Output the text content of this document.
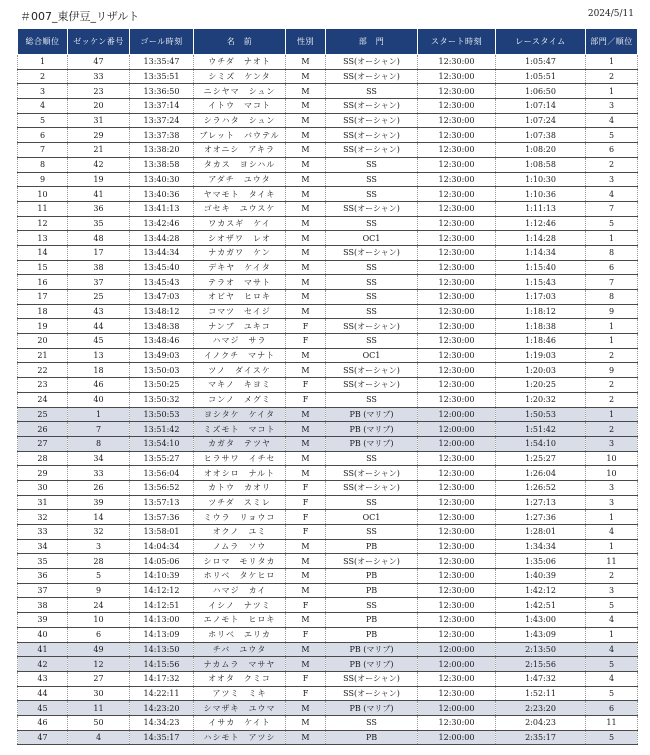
＃007_東伊豆_リザルト	2024/5/11
総合順位	ゼッケン番号	ゴール時刻	名　前	性別	部　門	スタート時刻	レースタイム	部門／順位
1	47	13:35:47	ウチダ　ナオト	M	SS(オーシャン)	12:30:00	1:05:47	1
2	33	13:35:51	シミズ　ケンタ	M	SS(オーシャン)	12:30:00	1:05:51	2
3	23	13:36:50	ニシヤマ　シュン	M	SS	12:30:00	1:06:50	1
4	20	13:37:14	イトウ　マコト	M	SS(オーシャン)	12:30:00	1:07:14	3
5	31	13:37:24	シラハタ　シュン	M	SS(オーシャン)	12:30:00	1:07:24	4
6	29	13:37:38	ブレット　バウテル	M	SS(オーシャン)	12:30:00	1:07:38	5
7	21	13:38:20	オオニシ　アキラ	M	SS(オーシャン)	12:30:00	1:08:20	6
8	42	13:38:58	タカス　ヨシハル	M	SS	12:30:00	1:08:58	2
9	19	13:40:30	アダチ　ユウタ	M	SS	12:30:00	1:10:30	3
10	41	13:40:36	ヤマモト　タイキ	M	SS	12:30:00	1:10:36	4
11	36	13:41:13	ゴセキ　ユウスケ	M	SS(オーシャン)	12:30:00	1:11:13	7
12	35	13:42:46	ワカスギ　ケイ	M	SS	12:30:00	1:12:46	5
13	48	13:44:28	シオザワ　レオ	M	OC1	12:30:00	1:14:28	1
14	17	13:44:34	ナカガワ　ケン	M	SS(オーシャン)	12:30:00	1:14:34	8
15	38	13:45:40	デキヤ　ケイタ	M	SS	12:30:00	1:15:40	6
16	37	13:45:43	テラオ　マサト	M	SS	12:30:00	1:15:43	7
17	25	13:47:03	オビヤ　ヒロキ	M	SS	12:30:00	1:17:03	8
18	43	13:48:12	コマツ　セイジ	M	SS	12:30:00	1:18:12	9
19	44	13:48:38	ナンブ　ユキコ	F	SS(オーシャン)	12:30:00	1:18:38	1
20	45	13:48:46	ハマジ　サラ	F	SS	12:30:00	1:18:46	1
21	13	13:49:03	イノクチ　マナト	M	OC1	12:30:00	1:19:03	2
22	18	13:50:03	ツノ　ダイスケ	M	SS(オーシャン)	12:30:00	1:20:03	9
23	46	13:50:25	マキノ　キヨミ	F	SS(オーシャン)	12:30:00	1:20:25	2
24	40	13:50:32	コンノ　メグミ	F	SS	12:30:00	1:20:32	2
25	1	13:50:53	ヨシタケ　ケイタ	M	PB (マリブ)	12:00:00	1:50:53	1
26	7	13:51:42	ミズモト　マコト	M	PB (マリブ)	12:00:00	1:51:42	2
27	8	13:54:10	カガタ　テツヤ	M	PB (マリブ)	12:00:00	1:54:10	3
28	34	13:55:27	ヒラサワ　イチセ	M	SS	12:30:00	1:25:27	10
29	33	13:56:04	オオシロ　ナルト	M	SS(オーシャン)	12:30:00	1:26:04	10
30	26	13:56:52	カトウ　カオリ	F	SS(オーシャン)	12:30:00	1:26:52	3
31	39	13:57:13	ツチダ　スミレ	F	SS	12:30:00	1:27:13	3
32	14	13:57:36	ミウラ　リョウコ	F	OC1	12:30:00	1:27:36	1
33	32	13:58:01	オクノ　ユミ	F	SS	12:30:00	1:28:01	4
34	3	14:04:34	ノムラ　ソウ	M	PB	12:30:00	1:34:34	1
35	28	14:05:06	シロマ　モリタカ	M	SS(オーシャン)	12:30:00	1:35:06	11
36	5	14:10:39	ホリベ　タケヒロ	M	PB	12:30:00	1:40:39	2
37	9	14:12:12	ハマジ　カイ	M	PB	12:30:00	1:42:12	3
38	24	14:12:51	イシノ　ナツミ	F	SS	12:30:00	1:42:51	5
39	10	14:13:00	エノモト　ヒロキ	M	PB	12:30:00	1:43:00	4
40	6	14:13:09	ホリベ　エリカ	F	PB	12:30:00	1:43:09	1
41	49	14:13:50	チバ　ユウタ	M	PB (マリブ)	12:00:00	2:13:50	4
42	12	14:15:56	ナカムラ　マサヤ	M	PB (マリブ)	12:00:00	2:15:56	5
43	27	14:17:32	オオタ　クミコ	F	SS(オーシャン)	12:30:00	1:47:32	4
44	30	14:22:11	アツミ　ミキ	F	SS(オーシャン)	12:30:00	1:52:11	5
45	11	14:23:20	シマザキ　ユウマ	M	PB (マリブ)	12:00:00	2:23:20	6
46	50	14:34:23	イサカ　ケイト	M	SS	12:30:00	2:04:23	11
47	4	14:35:17	ハシモト　アツシ	M	PB	12:00:00	2:35:17	5
